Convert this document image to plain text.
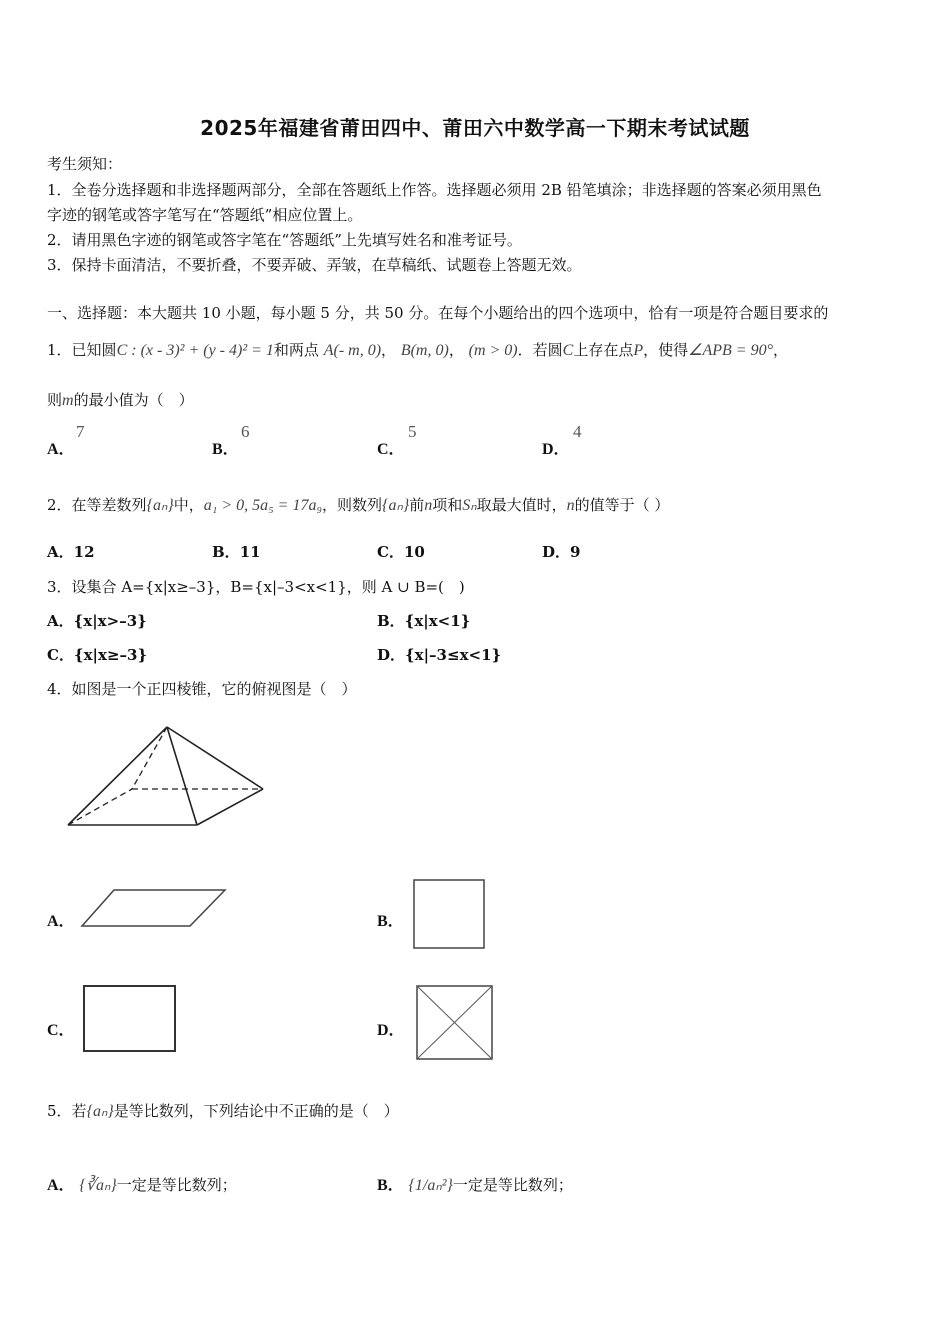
2025年福建省莆田四中、莆田六中数学高一下期末考试试题
考生须知：
1．全卷分选择题和非选择题两部分，全部在答题纸上作答。选择题必须用 2B 铅笔填涂；非选择题的答案必须用黑色
字迹的钢笔或答字笔写在“答题纸”相应位置上。
2．请用黑色字迹的钢笔或答字笔在“答题纸”上先填写姓名和准考证号。
3．保持卡面清洁，不要折叠，不要弄破、弄皱，在草稿纸、试题卷上答题无效。
一、选择题：本大题共 10 小题，每小题 5 分，共 50 分。在每个小题给出的四个选项中，恰有一项是符合题目要求的
1．已知圆C : (x - 3)² + (y - 4)² = 1和两点 A(- m, 0)， B(m, 0)， (m > 0)．若圆C上存在点P，使得∠APB = 90°，
则m的最小值为（　）
A．
7
B．
6
C．
5
D．
4
2．在等差数列{aₙ}中，a₁ > 0, 5a₅ = 17a₉，则数列{aₙ}前n项和Sₙ取最大值时，n的值等于（ ）
A．12	B．11	C．10	D．9
3．设集合 A={x|x≥–3}，B={x|–3<x<1}，则 A ∪ B=(　)
A．{x|x>–3}	B．{x|x<1}
C．{x|x≥–3}	D．{x|–3≤x<1}
4．如图是一个正四棱锥，它的俯视图是（　）
A．	B．
C．	D．
5．若{aₙ}是等比数列，下列结论中不正确的是（　）
A． {∛aₙ}一定是等比数列；	B． {1/aₙ²}一定是等比数列；
